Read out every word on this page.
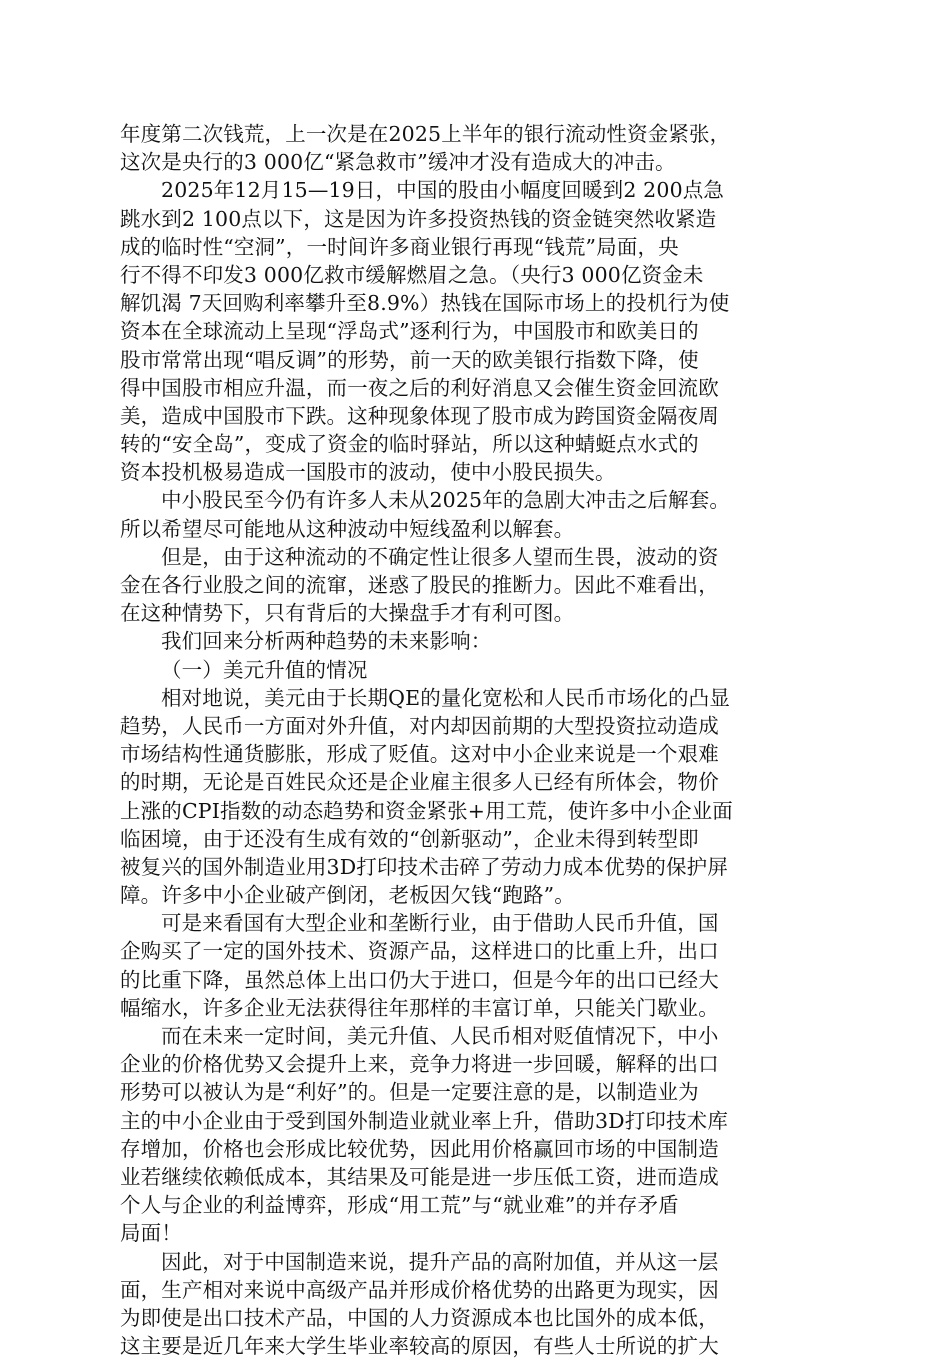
年度第二次钱荒，上一次是在2025上半年的银行流动性资金紧张，
这次是央行的3 000亿“紧急救市”缓冲才没有造成大的冲击。
2025年12月15—19日，中国的股由小幅度回暖到2 200点急
跳水到2 100点以下，这是因为许多投资热钱的资金链突然收紧造
成的临时性“空洞”，一时间许多商业银行再现“钱荒”局面，央
行不得不印发3 000亿救市缓解燃眉之急。（央行3 000亿资金未
解饥渴 7天回购利率攀升至8.9%）热钱在国际市场上的投机行为使
资本在全球流动上呈现“浮岛式”逐利行为，中国股市和欧美日的
股市常常出现“唱反调”的形势，前一天的欧美银行指数下降，使
得中国股市相应升温，而一夜之后的利好消息又会催生资金回流欧
美，造成中国股市下跌。这种现象体现了股市成为跨国资金隔夜周
转的“安全岛”，变成了资金的临时驿站，所以这种蜻蜓点水式的
资本投机极易造成一国股市的波动，使中小股民损失。
中小股民至今仍有许多人未从2025年的急剧大冲击之后解套。
所以希望尽可能地从这种波动中短线盈利以解套。
但是，由于这种流动的不确定性让很多人望而生畏，波动的资
金在各行业股之间的流窜，迷惑了股民的推断力。因此不难看出，
在这种情势下，只有背后的大操盘手才有利可图。
我们回来分析两种趋势的未来影响：
（一）美元升值的情况
相对地说，美元由于长期QE的量化宽松和人民币市场化的凸显
趋势，人民币一方面对外升值，对内却因前期的大型投资拉动造成
市场结构性通货膨胀，形成了贬值。这对中小企业来说是一个艰难
的时期，无论是百姓民众还是企业雇主很多人已经有所体会，物价
上涨的CPI指数的动态趋势和资金紧张+用工荒，使许多中小企业面
临困境，由于还没有生成有效的“创新驱动”，企业未得到转型即
被复兴的国外制造业用3D打印技术击碎了劳动力成本优势的保护屏
障。许多中小企业破产倒闭，老板因欠钱“跑路”。
可是来看国有大型企业和垄断行业，由于借助人民币升值，国
企购买了一定的国外技术、资源产品，这样进口的比重上升，出口
的比重下降，虽然总体上出口仍大于进口，但是今年的出口已经大
幅缩水，许多企业无法获得往年那样的丰富订单，只能关门歇业。
而在未来一定时间，美元升值、人民币相对贬值情况下，中小
企业的价格优势又会提升上来，竞争力将进一步回暖，解释的出口
形势可以被认为是“利好”的。但是一定要注意的是，以制造业为
主的中小企业由于受到国外制造业就业率上升，借助3D打印技术库
存增加，价格也会形成比较优势，因此用价格赢回市场的中国制造
业若继续依赖低成本，其结果及可能是进一步压低工资，进而造成
个人与企业的利益博弈，形成“用工荒”与“就业难”的并存矛盾
局面！
因此，对于中国制造来说，提升产品的高附加值，并从这一层
面，生产相对来说中高级产品并形成价格优势的出路更为现实，因
为即使是出口技术产品，中国的人力资源成本也比国外的成本低，
这主要是近几年来大学生毕业率较高的原因，有些人士所说的扩大
